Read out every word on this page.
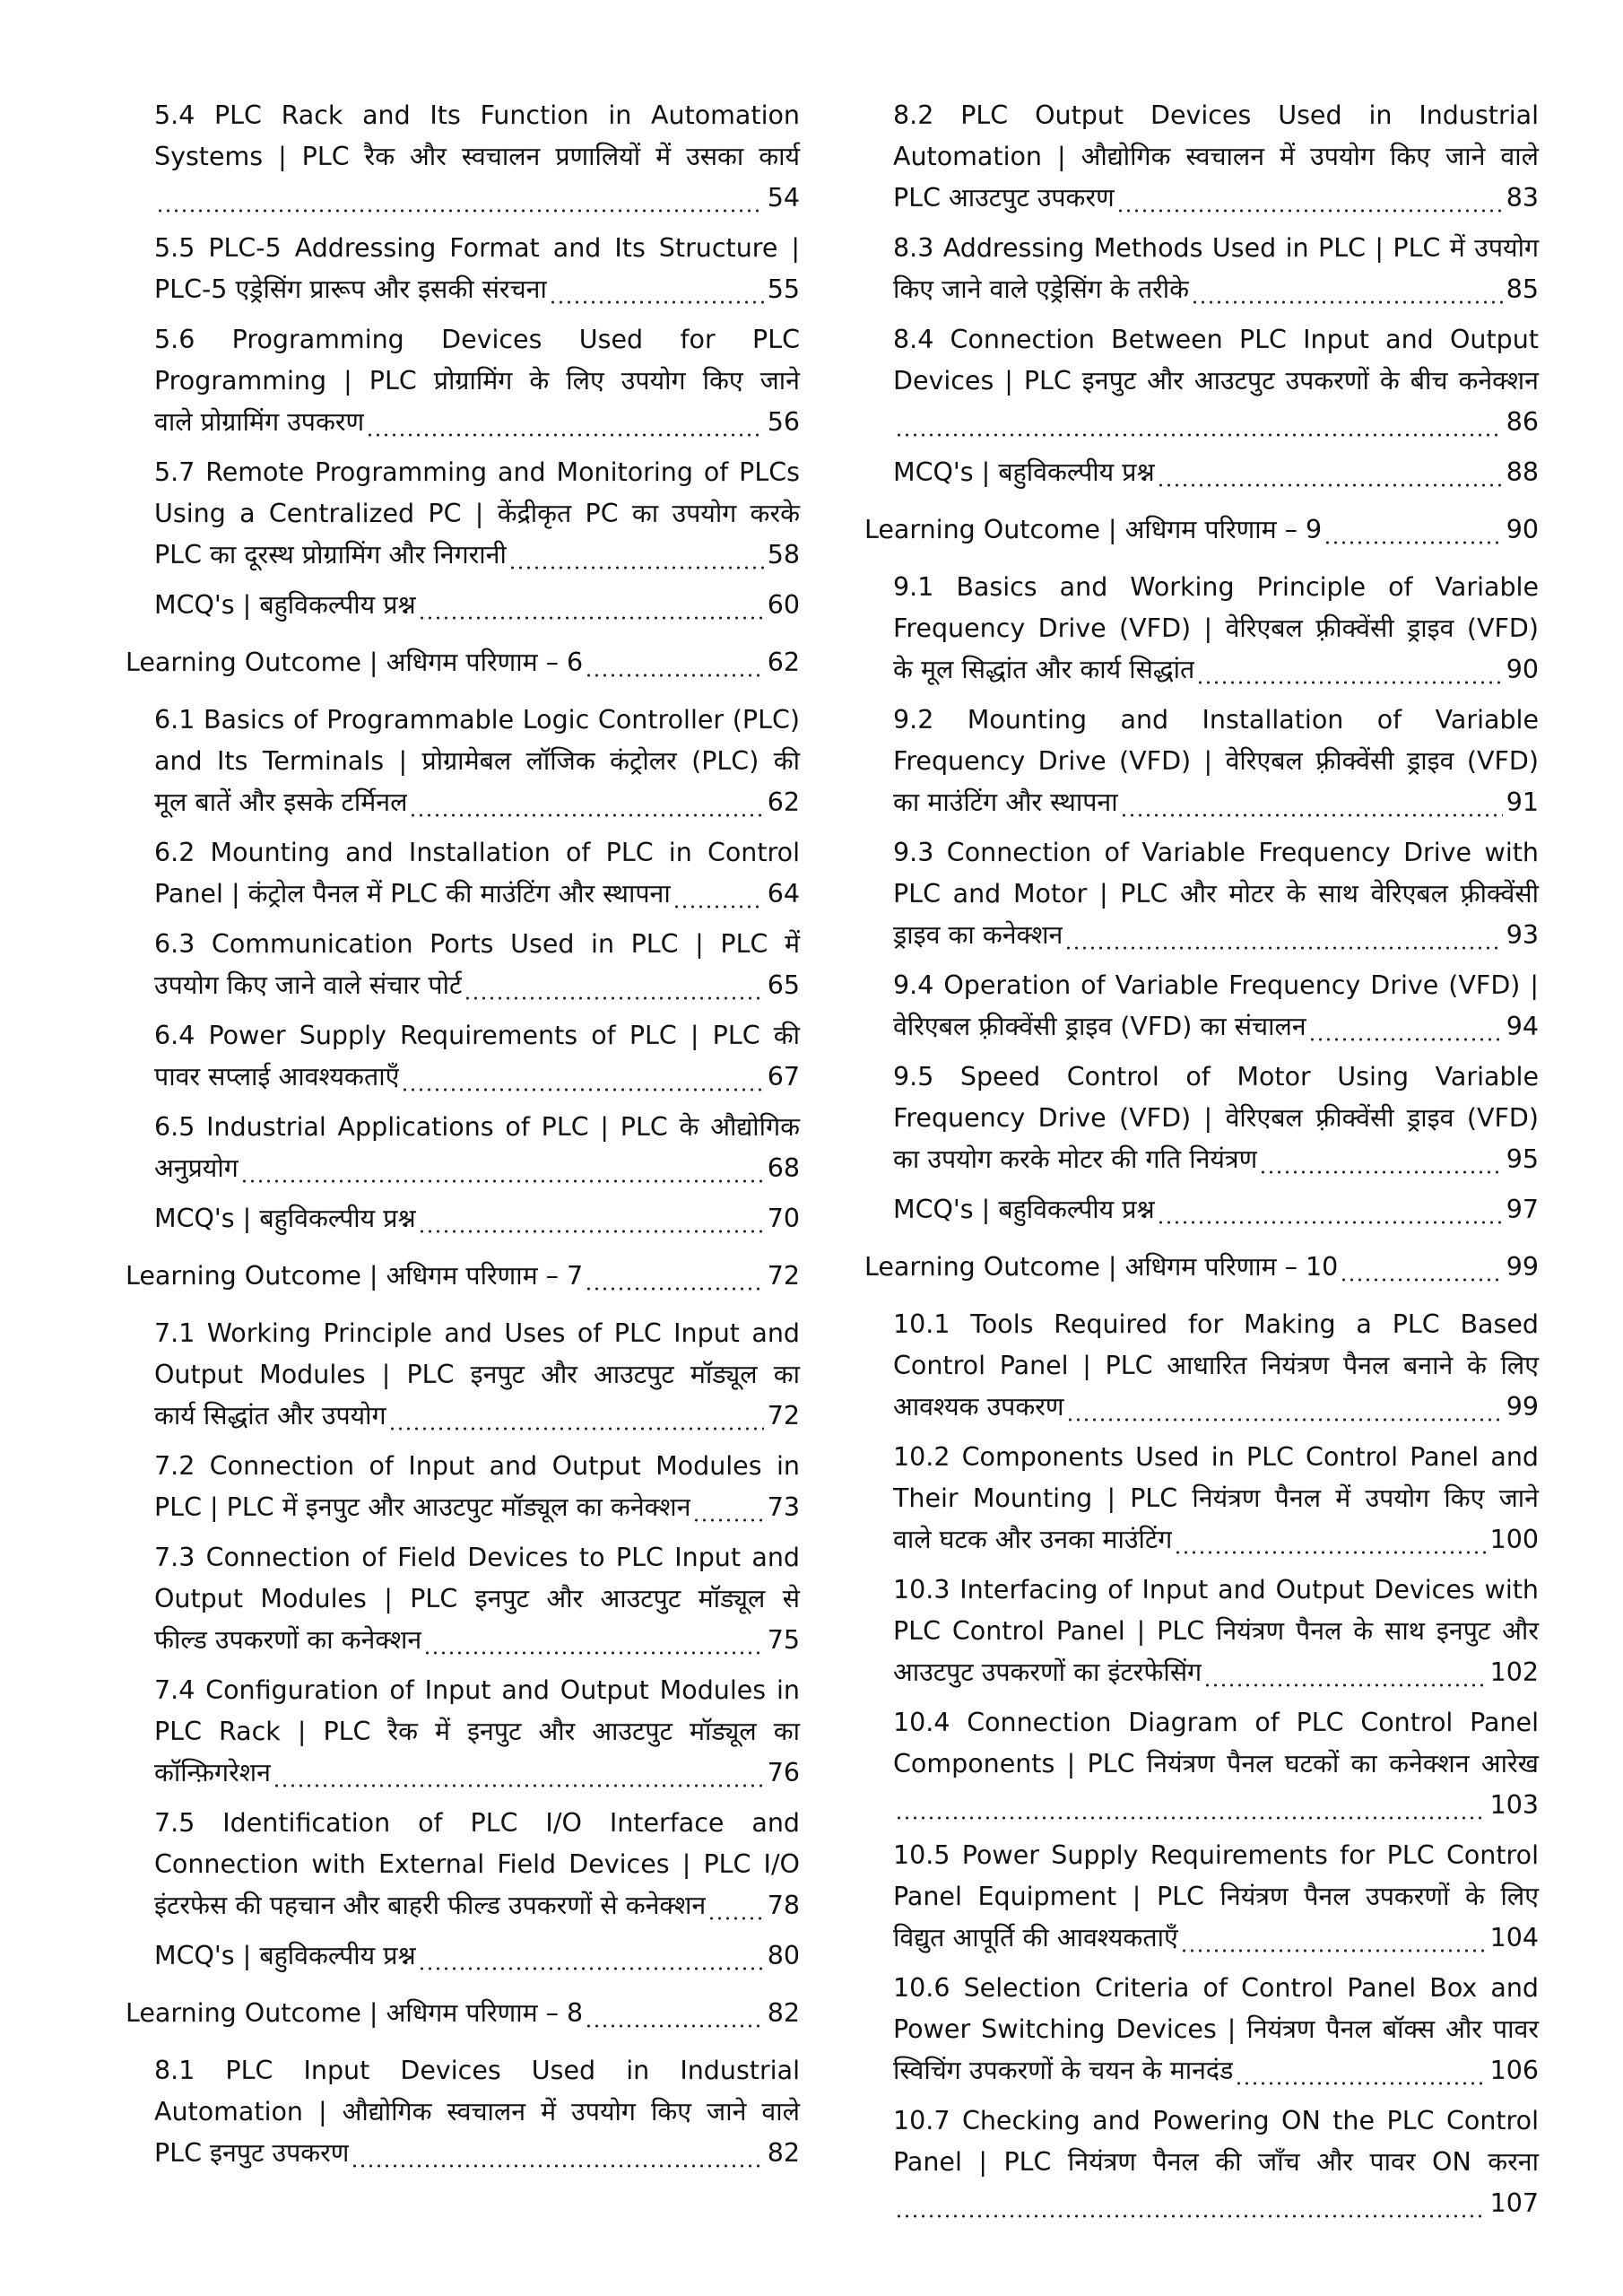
5.4 PLC Rack and Its Function in Automation
Systems | PLC रैक और स्वचालन प्रणालियों में उसका कार्य
54
5.5 PLC-5 Addressing Format and Its Structure |
PLC-5 एड्रेसिंग प्रारूप और इसकी संरचना	55
5.6 Programming Devices Used for PLC
Programming | PLC प्रोग्रामिंग के लिए उपयोग किए जाने
वाले प्रोग्रामिंग उपकरण	56
5.7 Remote Programming and Monitoring of PLCs
Using a Centralized PC | केंद्रीकृत PC का उपयोग करके
PLC का दूरस्थ प्रोग्रामिंग और निगरानी	58
MCQ's | बहुविकल्पीय प्रश्न	60
Learning Outcome | अधिगम परिणाम – 6	62
6.1 Basics of Programmable Logic Controller (PLC)
and Its Terminals | प्रोग्रामेबल लॉजिक कंट्रोलर (PLC) की
मूल बातें और इसके टर्मिनल	62
6.2 Mounting and Installation of PLC in Control
Panel | कंट्रोल पैनल में PLC की माउंटिंग और स्थापना	64
6.3 Communication Ports Used in PLC | PLC में
उपयोग किए जाने वाले संचार पोर्ट	65
6.4 Power Supply Requirements of PLC | PLC की
पावर सप्लाई आवश्यकताएँ	67
6.5 Industrial Applications of PLC | PLC के औद्योगिक
अनुप्रयोग	68
MCQ's | बहुविकल्पीय प्रश्न	70
Learning Outcome | अधिगम परिणाम – 7	72
7.1 Working Principle and Uses of PLC Input and
Output Modules | PLC इनपुट और आउटपुट मॉड्यूल का
कार्य सिद्धांत और उपयोग	72
7.2 Connection of Input and Output Modules in
PLC | PLC में इनपुट और आउटपुट मॉड्यूल का कनेक्शन	73
7.3 Connection of Field Devices to PLC Input and
Output Modules | PLC इनपुट और आउटपुट मॉड्यूल से
फील्ड उपकरणों का कनेक्शन	75
7.4 Configuration of Input and Output Modules in
PLC Rack | PLC रैक में इनपुट और आउटपुट मॉड्यूल का
कॉन्फ़िगरेशन	76
7.5 Identification of PLC I/O Interface and
Connection with External Field Devices | PLC I/O
इंटरफेस की पहचान और बाहरी फील्ड उपकरणों से कनेक्शन 78
MCQ's | बहुविकल्पीय प्रश्न	80
Learning Outcome | अधिगम परिणाम – 8	82
8.1 PLC Input Devices Used in Industrial
Automation | औद्योगिक स्वचालन में उपयोग किए जाने वाले
PLC इनपुट उपकरण	82
8.2 PLC Output Devices Used in Industrial
Automation | औद्योगिक स्वचालन में उपयोग किए जाने वाले
PLC आउटपुट उपकरण	83
8.3 Addressing Methods Used in PLC | PLC में उपयोग
किए जाने वाले एड्रेसिंग के तरीके	85
8.4 Connection Between PLC Input and Output
Devices | PLC इनपुट और आउटपुट उपकरणों के बीच कनेक्शन
86
MCQ's | बहुविकल्पीय प्रश्न	88
Learning Outcome | अधिगम परिणाम – 9	90
9.1 Basics and Working Principle of Variable
Frequency Drive (VFD) | वेरिएबल फ़्रीक्वेंसी ड्राइव (VFD)
के मूल सिद्धांत और कार्य सिद्धांत	90
9.2 Mounting and Installation of Variable
Frequency Drive (VFD) | वेरिएबल फ़्रीक्वेंसी ड्राइव (VFD)
का माउंटिंग और स्थापना	91
9.3 Connection of Variable Frequency Drive with
PLC and Motor | PLC और मोटर के साथ वेरिएबल फ़्रीक्वेंसी
ड्राइव का कनेक्शन	93
9.4 Operation of Variable Frequency Drive (VFD) |
वेरिएबल फ़्रीक्वेंसी ड्राइव (VFD) का संचालन	94
9.5 Speed Control of Motor Using Variable
Frequency Drive (VFD) | वेरिएबल फ़्रीक्वेंसी ड्राइव (VFD)
का उपयोग करके मोटर की गति नियंत्रण	95
MCQ's | बहुविकल्पीय प्रश्न	97
Learning Outcome | अधिगम परिणाम – 10	99
10.1 Tools Required for Making a PLC Based
Control Panel | PLC आधारित नियंत्रण पैनल बनाने के लिए
आवश्यक उपकरण	99
10.2 Components Used in PLC Control Panel and
Their Mounting | PLC नियंत्रण पैनल में उपयोग किए जाने
वाले घटक और उनका माउंटिंग	100
10.3 Interfacing of Input and Output Devices with
PLC Control Panel | PLC नियंत्रण पैनल के साथ इनपुट और
आउटपुट उपकरणों का इंटरफेसिंग	102
10.4 Connection Diagram of PLC Control Panel
Components | PLC नियंत्रण पैनल घटकों का कनेक्शन आरेख
103
10.5 Power Supply Requirements for PLC Control
Panel Equipment | PLC नियंत्रण पैनल उपकरणों के लिए
विद्युत आपूर्ति की आवश्यकताएँ	104
10.6 Selection Criteria of Control Panel Box and
Power Switching Devices | नियंत्रण पैनल बॉक्स और पावर
स्विचिंग उपकरणों के चयन के मानदंड	106
10.7 Checking and Powering ON the PLC Control
Panel | PLC नियंत्रण पैनल की जाँच और पावर ON करना
107
